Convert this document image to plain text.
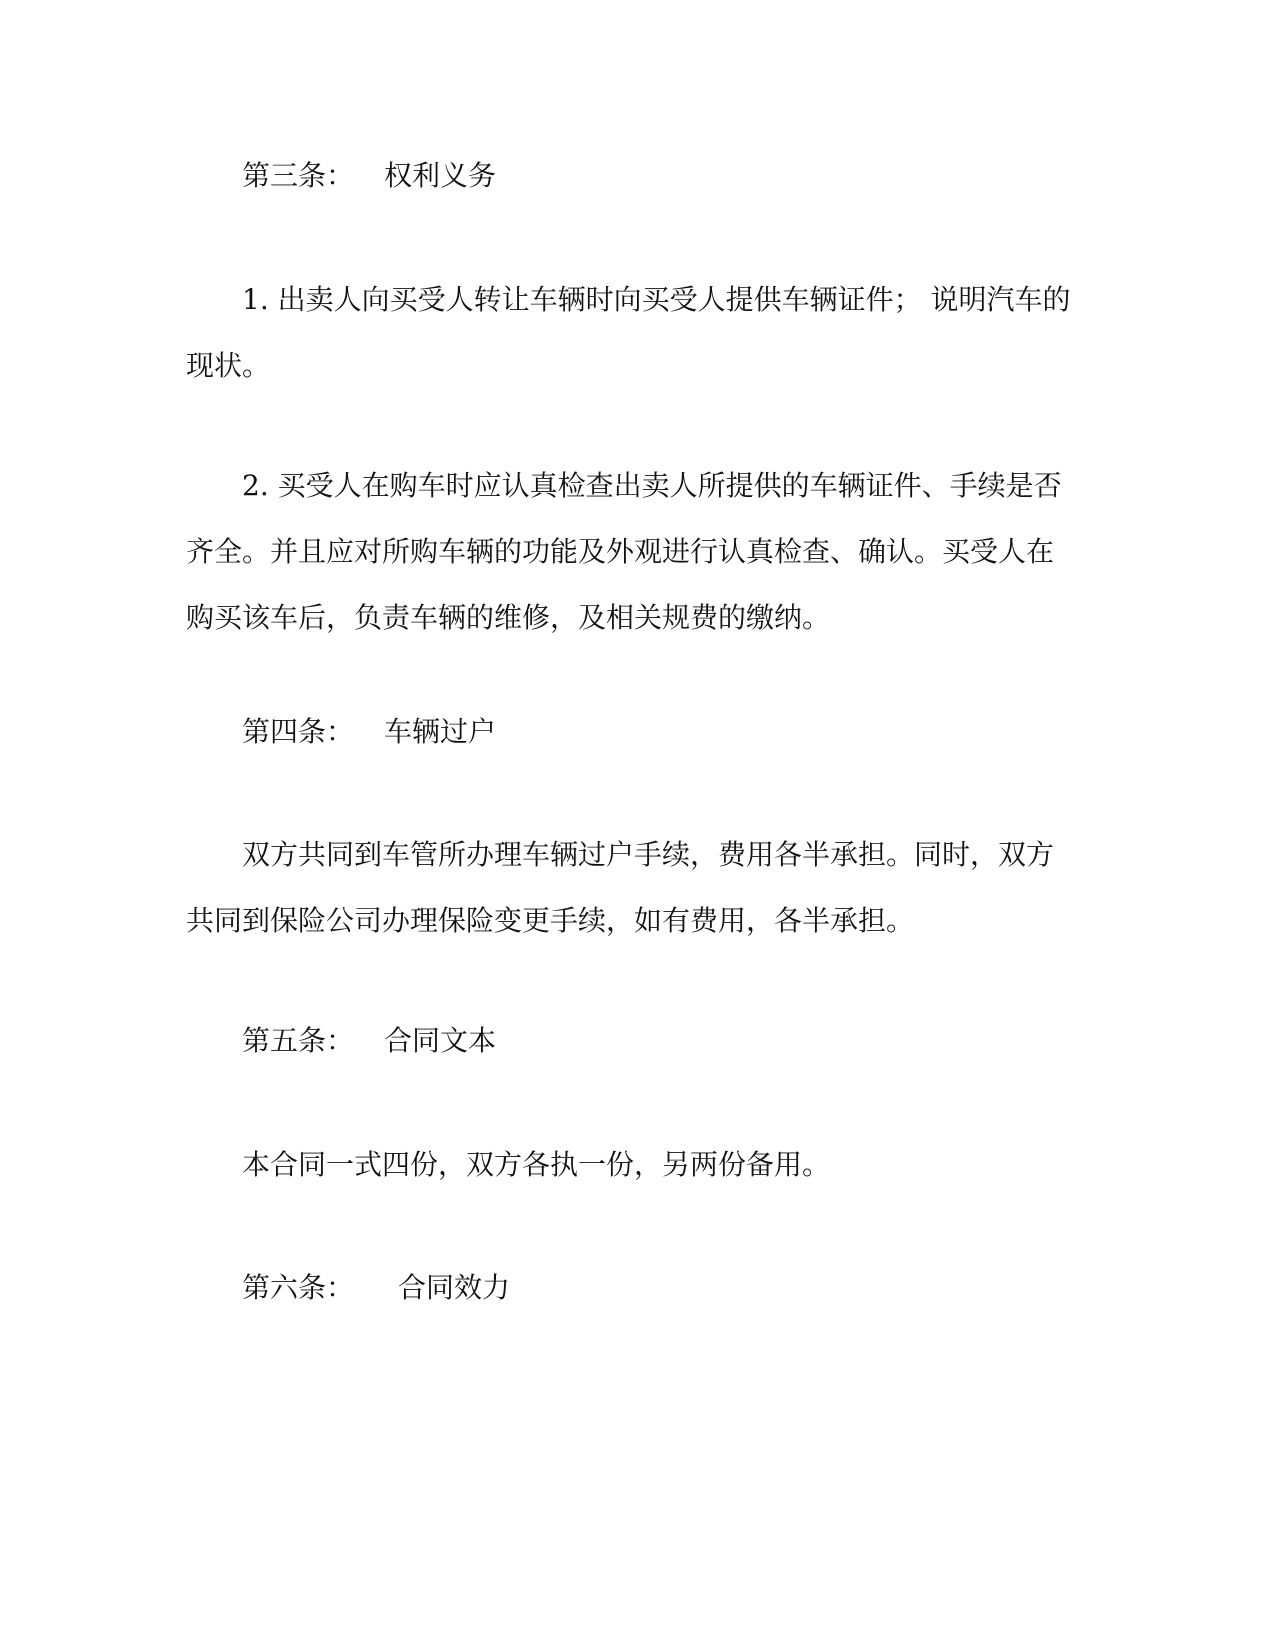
第三条： 权利义务

1. 出卖人向买受人转让车辆时向买受人提供车辆证件； 说明汽车的现状。

2. 买受人在购车时应认真检查出卖人所提供的车辆证件、手续是否齐全。并且应对所购车辆的功能及外观进行认真检查、确认。买受人在购买该车后，负责车辆的维修，及相关规费的缴纳。

第四条： 车辆过户

双方共同到车管所办理车辆过户手续，费用各半承担。同时，双方共同到保险公司办理保险变更手续，如有费用，各半承担。

第五条： 合同文本

本合同一式四份，双方各执一份，另两份备用。

第六条： 合同效力
